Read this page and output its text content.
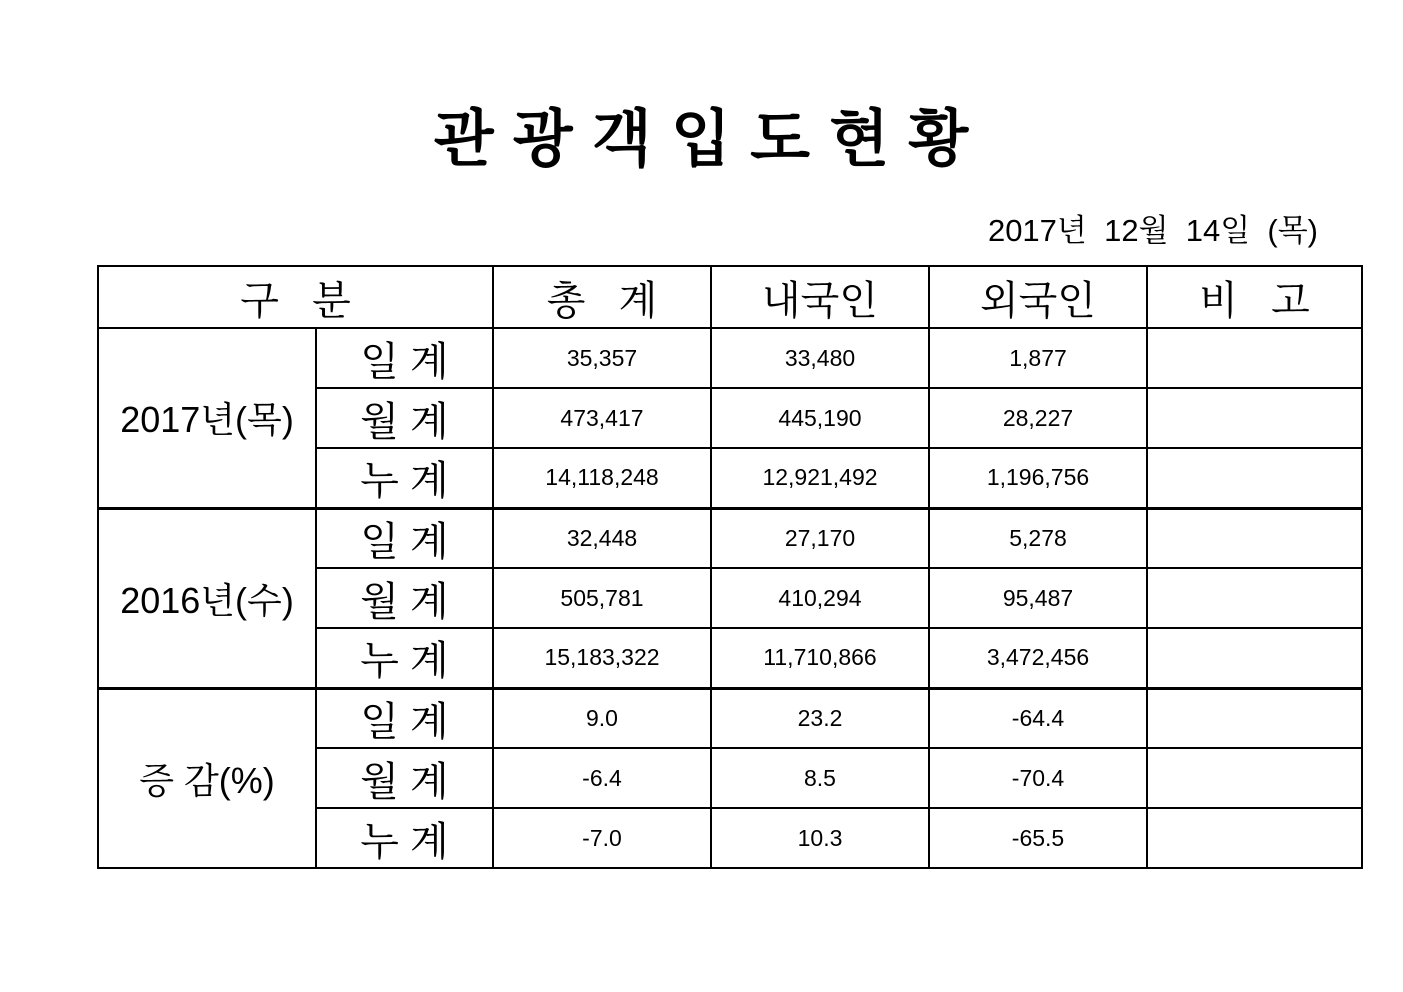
관 광 객 입 도 현 황
2017년  12월  14일  (목)
구   분		총   계	내국인	외국인	비   고
2017년(목)	일 계	35,357	33,480	1,877	
	월 계	473,417	445,190	28,227	
	누 계	14,118,248	12,921,492	1,196,756	
2016년(수)	일 계	32,448	27,170	5,278	
	월 계	505,781	410,294	95,487	
	누 계	15,183,322	11,710,866	3,472,456	
증 감(%)	일 계	9.0	23.2	-64.4	
	월 계	-6.4	8.5	-70.4	
	누 계	-7.0	10.3	-65.5	
